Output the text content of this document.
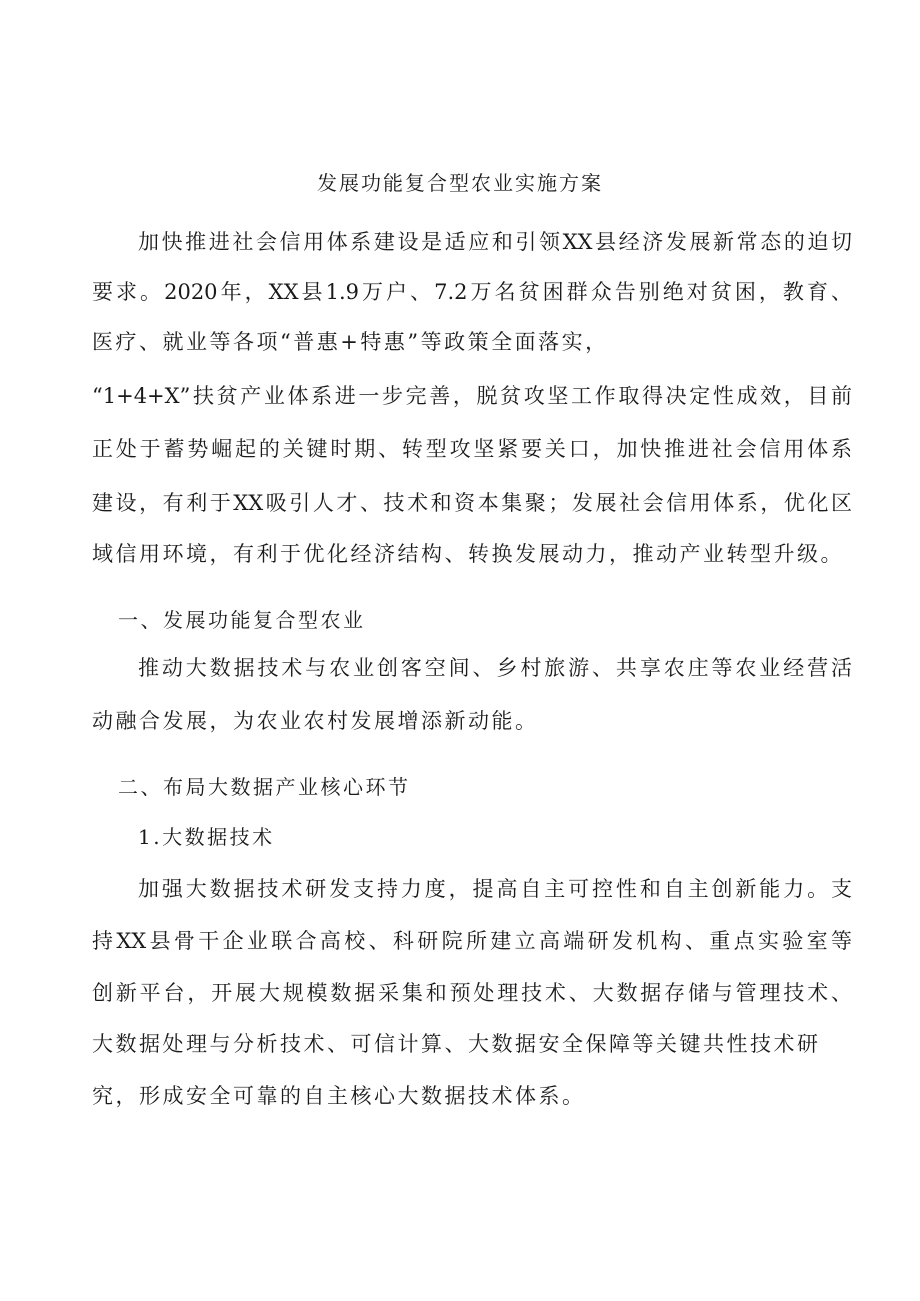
发展功能复合型农业实施方案
加快推进社会信用体系建设是适应和引领XX县经济发展新常态的迫切
要求。2020年，XX县1.9万户、7.2万名贫困群众告别绝对贫困，教育、
医疗、就业等各项“普惠+特惠”等政策全面落实，
“1+4+X”扶贫产业体系进一步完善，脱贫攻坚工作取得决定性成效，目前
正处于蓄势崛起的关键时期、转型攻坚紧要关口，加快推进社会信用体系
建设，有利于XX吸引人才、技术和资本集聚；发展社会信用体系，优化区
域信用环境，有利于优化经济结构、转换发展动力，推动产业转型升级。
一、发展功能复合型农业
推动大数据技术与农业创客空间、乡村旅游、共享农庄等农业经营活
动融合发展，为农业农村发展增添新动能。
二、布局大数据产业核心环节
1.大数据技术
加强大数据技术研发支持力度，提高自主可控性和自主创新能力。支
持XX县骨干企业联合高校、科研院所建立高端研发机构、重点实验室等
创新平台，开展大规模数据采集和预处理技术、大数据存储与管理技术、
大数据处理与分析技术、可信计算、大数据安全保障等关键共性技术研
究，形成安全可靠的自主核心大数据技术体系。
